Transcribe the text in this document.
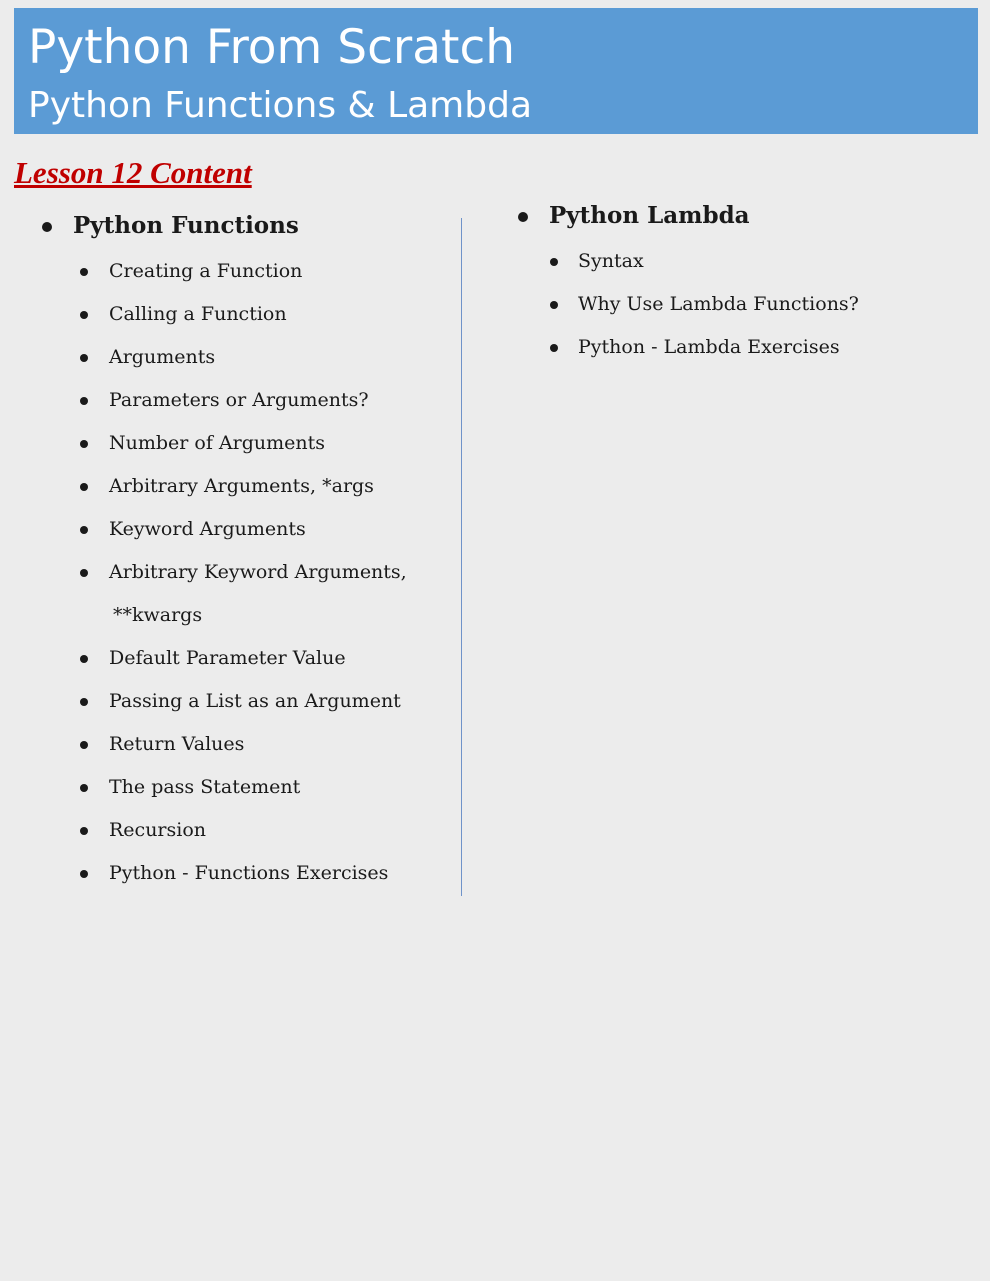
Python From Scratch
Python Functions & Lambda
Lesson 12 Content
Python Functions
Creating a Function
Calling a Function
Arguments
Parameters or Arguments?
Number of Arguments
Arbitrary Arguments, *args
Keyword Arguments
Arbitrary Keyword Arguments,
**kwargs
Default Parameter Value
Passing a List as an Argument
Return Values
The pass Statement
Recursion
Python - Functions Exercises
Python Lambda
Syntax
Why Use Lambda Functions?
Python - Lambda Exercises
